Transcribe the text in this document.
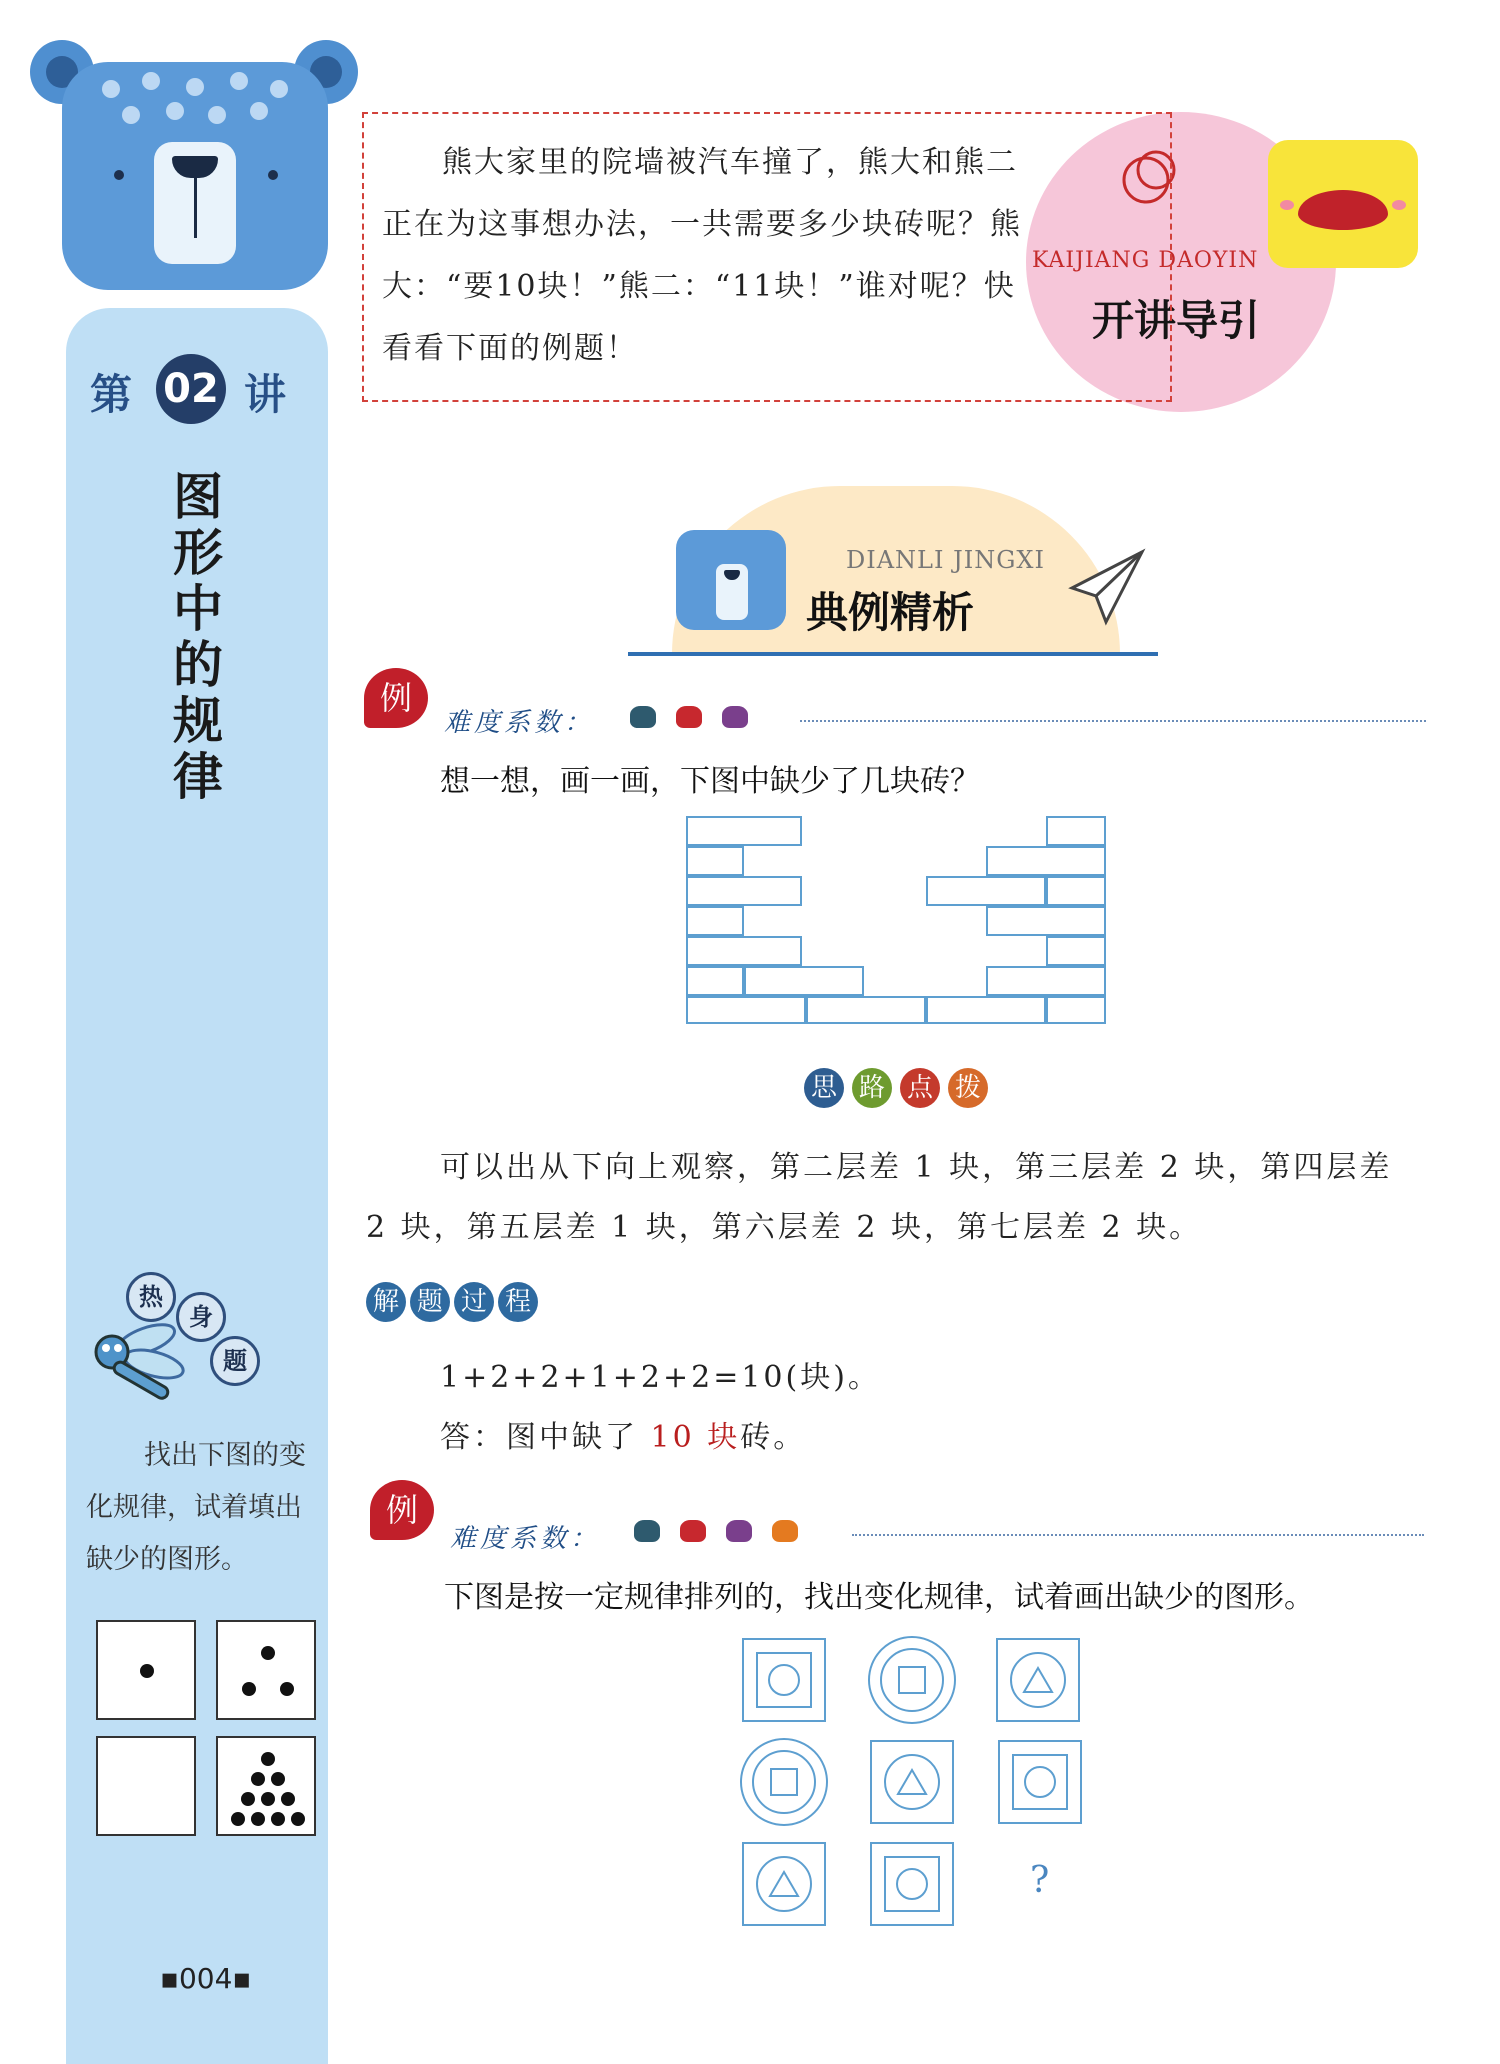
第 02 讲
图形中的规律
热
身
题
找出下图的变化规律，试着填出缺少的图形。
▪004▪
KAIJIANG DAOYIN
开讲导引
熊大家里的院墙被汽车撞了，熊大和熊二正在为这事想办法，一共需要多少块砖呢？熊大：“要10块！”熊二：“11块！”谁对呢？快看看下面的例题！
DIANLI JINGXI
典例精析
例
难度系数：
想一想，画一画，下图中缺少了几块砖？
思 路 点 拨
可以出从下向上观察，第二层差 1 块，第三层差 2 块，第四层差
2 块，第五层差 1 块，第六层差 2 块，第七层差 2 块。
解 题 过 程
1+2+2+1+2+2=10(块)。
答：图中缺了 10 块砖。
例
难度系数：
下图是按一定规律排列的，找出变化规律，试着画出缺少的图形。
?
